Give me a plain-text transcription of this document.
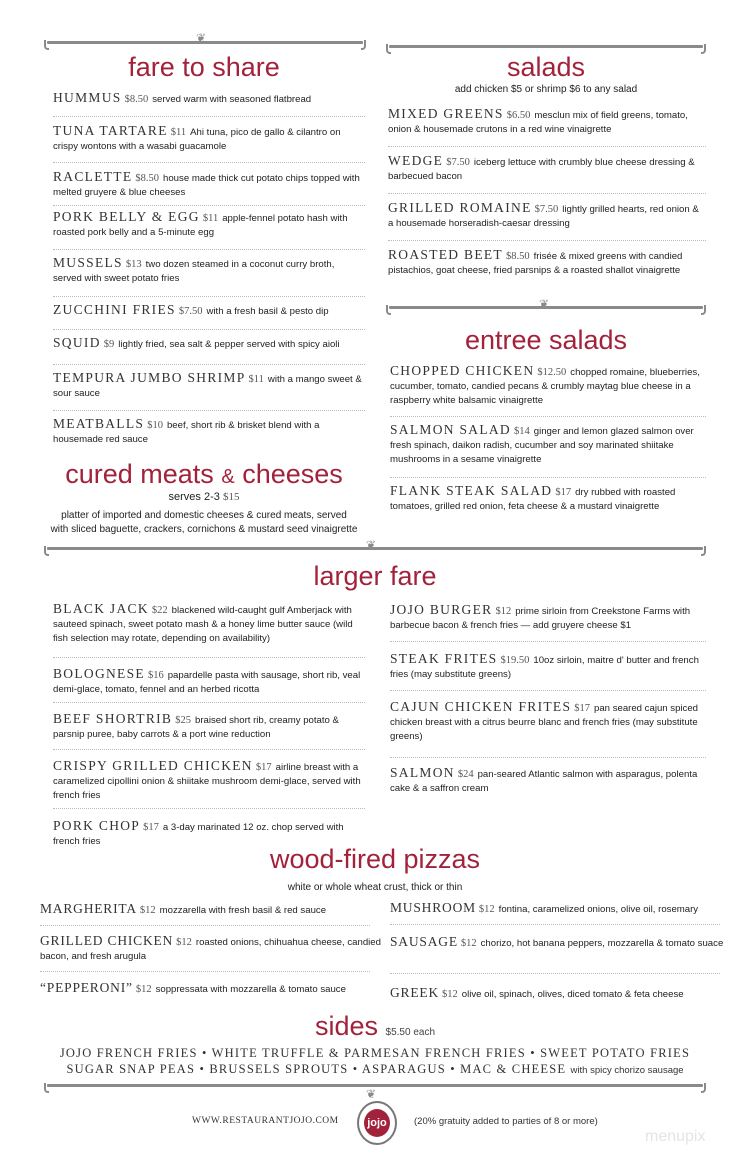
❦
fare to share
cured meats & cheeses
serves 2-3 $15
platter of imported and domestic cheeses & cured meats, served
with sliced baguette, crackers, cornichons & mustard seed vinaigrette
salads
add chicken $5 or shrimp $6 to any salad
❦
entree salads
❦
larger fare
wood-fired pizzas
white or whole wheat crust, thick or thin
sides $5.50 each
JOJO FRENCH FRIES • WHITE TRUFFLE & PARMESAN FRENCH FRIES • SWEET POTATO FRIES
SUGAR SNAP PEAS • BRUSSELS SPROUTS • ASPARAGUS • MAC & CHEESE with spicy chorizo sausage
❦
WWW.RESTAURANTJOJO.COM	jojo	(20% gratuity added to parties of 8 or more)
menupix
HUMMUS $8.50 served warm with seasoned flatbread
TUNA TARTARE $11 Ahi tuna, pico de gallo & cilantro on crispy wontons with a wasabi guacamole
RACLETTE $8.50 house made thick cut potato chips topped with melted gruyere & blue cheeses
PORK BELLY & EGG $11 apple-fennel potato hash with roasted pork belly and a 5-minute egg
MUSSELS $13 two dozen steamed in a coconut curry broth, served with sweet potato fries
ZUCCHINI FRIES $7.50 with a fresh basil & pesto dip
SQUID $9 lightly fried, sea salt & pepper served with spicy aioli
TEMPURA JUMBO SHRIMP $11 with a mango sweet & sour sauce
MEATBALLS $10 beef, short rib & brisket blend with a housemade red sauce
MIXED GREENS $6.50 mesclun mix of field greens, tomato, onion & housemade crutons in a red wine vinaigrette
WEDGE $7.50 iceberg lettuce with crumbly blue cheese dressing & barbecued bacon
GRILLED ROMAINE $7.50 lightly grilled hearts, red onion & a housemade horseradish-caesar dressing
ROASTED BEET $8.50 frisée & mixed greens with candied pistachios, goat cheese, fried parsnips & a roasted shallot vinaigrette
CHOPPED CHICKEN $12.50 chopped romaine, blueberries, cucumber, tomato, candied pecans & crumbly maytag blue cheese in a raspberry white balsamic vinaigrette
SALMON SALAD $14 ginger and lemon glazed salmon over fresh spinach, daikon radish, cucumber and soy marinated shiitake mushrooms in a sesame vinaigrette
FLANK STEAK SALAD $17 dry rubbed with roasted tomatoes, grilled red onion, feta cheese & a mustard vinaigrette
BLACK JACK $22 blackened wild-caught gulf Amberjack with sauteed spinach, sweet potato mash & a honey lime butter sauce (wild fish selection may rotate, depending on availability)
BOLOGNESE $16 papardelle pasta with sausage, short rib, veal demi-glace, tomato, fennel and an herbed ricotta
BEEF SHORTRIB $25 braised short rib, creamy potato & parsnip puree, baby carrots & a port wine reduction
CRISPY GRILLED CHICKEN $17 airline breast with a caramelized cipollini onion & shiitake mushroom demi-glace, served with french fries
PORK CHOP $17 a 3-day marinated 12 oz. chop served with french fries
JOJO BURGER $12 prime sirloin from Creekstone Farms with barbecue bacon & french fries — add gruyere cheese $1
STEAK FRITES $19.50 10oz sirloin, maitre d' butter and french fries (may substitute greens)
CAJUN CHICKEN FRITES $17 pan seared cajun spiced chicken breast with a citrus beurre blanc and french fries (may substitute greens)
SALMON $24 pan-seared Atlantic salmon with asparagus, polenta cake & a saffron cream
MARGHERITA $12 mozzarella with fresh basil & red sauce
GRILLED CHICKEN $12 roasted onions, chihuahua cheese, candied bacon, and fresh arugula
“PEPPERONI” $12 soppressata with mozzarella & tomato sauce
MUSHROOM $12 fontina, caramelized onions, olive oil, rosemary
SAUSAGE $12 chorizo, hot banana peppers, mozzarella & tomato suace
GREEK $12 olive oil, spinach, olives, diced tomato & feta cheese
